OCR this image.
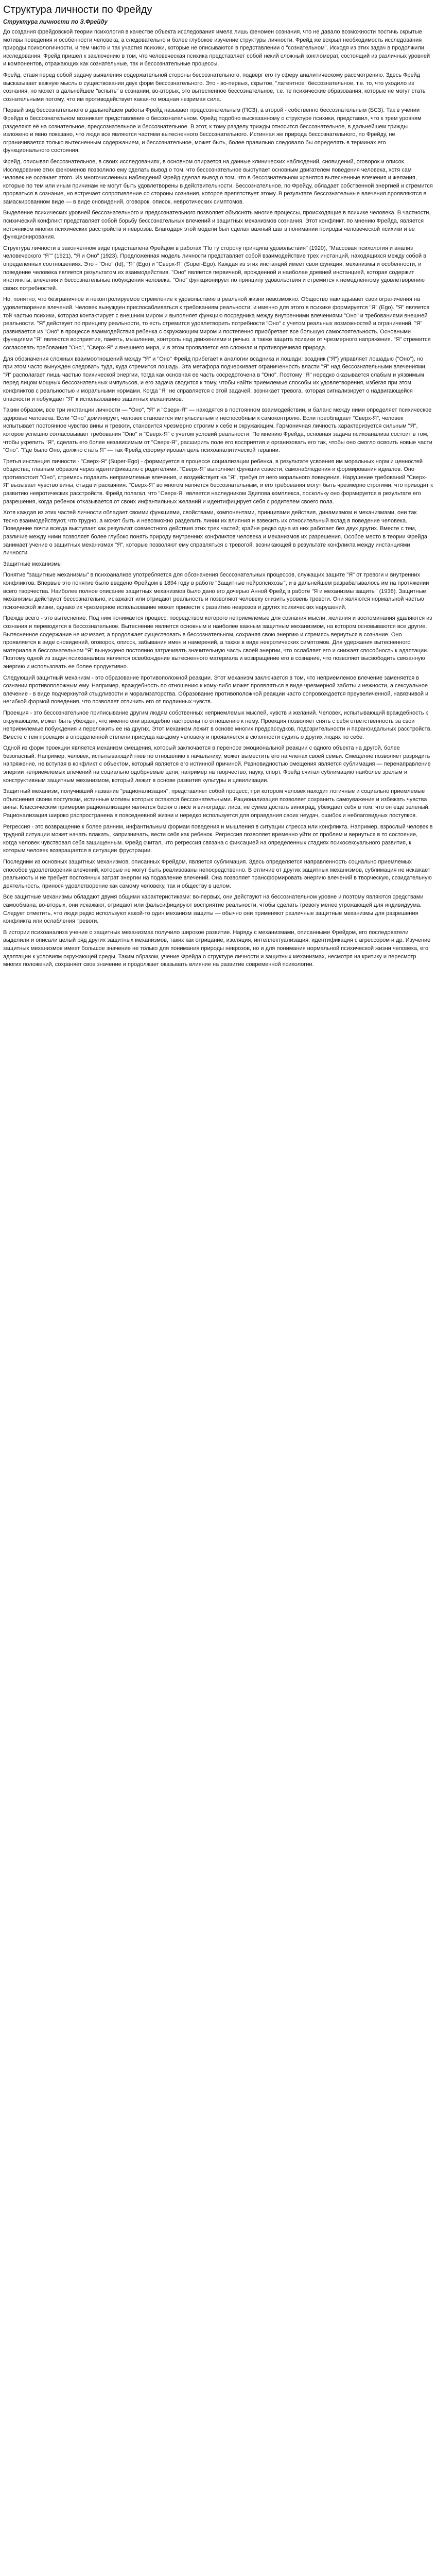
Структура личности по Фрейду
Структура личности по З.Фрейду

До создания фрейдовской теории психология в качестве объекта исследования имела лишь феномен сознания, что не давало возможности постичь скрытые мотивы поведения и особенности человека, а следовательно и более глубокое изучение структуры личности. Фрейд же вскрыл необходимость исследования природы психологичности, и тем чисто и так участия психики, которые не описываются в представлении о "сознательном". Исходя из этих задач в продолжили исследования. Фрейд пришел к заключению в том, что человеческая психика представляет собой некий сложный конгломерат, состоящий из различных уровней и компонентов, отражающих как сознательные, так и бессознательные процессы.

Фрейд, ставя перед собой задачу выявления содержательной стороны бессознательного, подверг его ту сферу аналитическому рассмотрению. Здесь Фрейд высказывает важную мысль о существовании двух форм бессознательного. Это - во-первых, скрытое, "латентное" бессознательное, т.е. то, что уходило из сознания, но может в дальнейшем "вспыть" в сознании, во-вторых, это вытесненное бессознательное, т.е. те психические образования, которые не могут стать сознательными потому, что им противодействует какая-то мощная незримая сила.

Первый вид бессознательного в дальнейшем работы Фрейд называет предсознательным (ПСЗ), а второй - собственно бессознательным (БСЗ). Так в учении Фрейда о бессознательном возникает представление о бессознательном. Фрейд подобно высказанному о структуре психики, представил, что к трем уровням разделяют её на сознательное, предсознательное и бессознательное. В этот, к тому разделу трижды относится бессознательное, в дальнейшем трижды изложено и явно показано, что люди все являются частями вытесненного бессознательного. Истинная же природа бессознательного, по Фрейду, не ограничивается только вытесненным содержанием, и бессознательное, может быть, более правильно следовало бы определять в терминах его функционального состояния.

Фрейд, описывая бессознательное, в своих исследованиях, в основном опирается на данные клинических наблюдений, сновидений, оговорок и описок. Исследование этих феноменов позволило ему сделать вывод о том, что бессознательное выступает основным двигателем поведения человека, хотя сам человек не осознает этого. Из многочисленных наблюдений Фрейд сделал вывод о том, что в бессознательном хранятся вытесненные влечения и желания, которые по тем или иным причинам не могут быть удовлетворены в действительности. Бессознательное, по Фрейду, обладает собственной энергией и стремится прорваться в сознание, но встречает сопротивление со стороны сознания, которое препятствует этому. В результате бессознательные влечения проявляются в замаскированном виде — в виде сновидений, оговорок, описок, невротических симптомов.

Выделение психических уровней бессознательного и предсознательного позволяет объяснять многие процессы, происходящие в психике человека. В частности, психический конфликт представляет собой борьбу бессознательных влечений и защитных механизмов сознания. Этот конфликт, по мнению Фрейда, является источником многих психических расстройств и неврозов. Благодаря этой модели был сделан важный шаг в понимании природы человеческой психики и ее функционирования.

Структура личности в законченном виде представлена Фрейдом в работах "По ту сторону принципа удовольствия" (1920), "Массовая психология и анализ человеческого "Я"" (1921), "Я и Оно" (1923). Предложенная модель личности представляет собой взаимодействие трех инстанций, находящихся между собой в определенных соотношениях. Это - "Оно" (Id), "Я" (Ego) и "Сверх-Я" (Super-Ego). Каждая из этих инстанций имеет свои функции, механизмы и особенности, и поведение человека является результатом их взаимодействия. "Оно" является первичной, врожденной и наиболее древней инстанцией, которая содержит инстинкты, влечения и бессознательные побуждения человека. "Оно" функционирует по принципу удовольствия и стремится к немедленному удовлетворению своих потребностей.

Но, понятно, что безграничное и неконтролируемое стремление к удовольствию в реальной жизни невозможно. Общество накладывает свои ограничения на удовлетворение влечений. Человек вынужден приспосабливаться к требованиям реальности, и именно для этого в психике формируется "Я" (Ego). "Я" является той частью психики, которая контактирует с внешним миром и выполняет функцию посредника между внутренними влечениями "Оно" и требованиями внешней реальности. "Я" действует по принципу реальности, то есть стремится удовлетворить потребности "Оно" с учетом реальных возможностей и ограничений. "Я" развивается из "Оно" в процессе взаимодействия ребенка с окружающим миром и постепенно приобретает все большую самостоятельность. Основными функциями "Я" являются восприятие, память, мышление, контроль над движениями и речью, а также защита психики от чрезмерного напряжения. "Я" стремится согласовать требования "Оно", "Сверх-Я" и внешнего мира, и в этом проявляется его сложная и противоречивая природа.

Для обозначения сложных взаимоотношений между "Я" и "Оно" Фрейд прибегает к аналогии всадника и лошади: всадник ("Я") управляет лошадью ("Оно"), но при этом часто вынужден следовать туда, куда стремится лошадь. Эта метафора подчеркивает ограниченность власти "Я" над бессознательными влечениями. "Я" располагает лишь частью психической энергии, тогда как основная ее часть сосредоточена в "Оно". Поэтому "Я" нередко оказывается слабым и уязвимым перед лицом мощных бессознательных импульсов, и его задача сводится к тому, чтобы найти приемлемые способы их удовлетворения, избегая при этом конфликтов с реальностью и моральными нормами. Когда "Я" не справляется с этой задачей, возникает тревога, которая сигнализирует о надвигающейся опасности и побуждает "Я" к использованию защитных механизмов.

Таким образом, все три инстанции личности — "Оно", "Я" и "Сверх-Я" — находятся в постоянном взаимодействии, и баланс между ними определяет психическое здоровье человека. Если "Оно" доминирует, человек становится импульсивным и неспособным к самоконтролю. Если преобладает "Сверх-Я", человек испытывает постоянное чувство вины и тревоги, становится чрезмерно строгим к себе и окружающим. Гармоничная личность характеризуется сильным "Я", которое успешно согласовывает требования "Оно" и "Сверх-Я" с учетом условий реальности. По мнению Фрейда, основная задача психоанализа состоит в том, чтобы укрепить "Я", сделать его более независимым от "Сверх-Я", расширить поле его восприятия и организовать его так, чтобы оно смогло освоить новые части "Оно". "Где было Оно, должно стать Я" — так Фрейд сформулировал цель психоаналитической терапии.

Третья инстанция личности - "Сверх-Я" (Super-Ego) - формируется в процессе социализации ребенка, в результате усвоения им моральных норм и ценностей общества, главным образом через идентификацию с родителями. "Сверх-Я" выполняет функции совести, самонаблюдения и формирования идеалов. Оно противостоит "Оно", стремясь подавить неприемлемые влечения, и воздействует на "Я", требуя от него морального поведения. Нарушение требований "Сверх-Я" вызывает чувство вины, стыда и раскаяния. "Сверх-Я" во многом является бессознательным, и его требования могут быть чрезмерно строгими, что приводит к развитию невротических расстройств. Фрейд полагал, что "Сверх-Я" является наследником Эдипова комплекса, поскольку оно формируется в результате его разрешения, когда ребенок отказывается от своих инфантильных желаний и идентифицирует себя с родителем своего пола.

Хотя каждая из этих частей личности обладает своими функциями, свойствами, компонентами, принципами действия, динамизмом и механизмами, они так тесно взаимодействуют, что трудно, а может быть и невозможно разделить линии их влияния и взвесить их относительный вклад в поведение человека. Поведение почти всегда выступает как результат совместного действия этих трех частей; крайне редко одна из них работает без двух других. Вместе с тем, различие между ними позволяет более глубоко понять природу внутренних конфликтов человека и механизмов их разрешения. Особое место в теории Фрейда занимает учение о защитных механизмах "Я", которые позволяют ему справляться с тревогой, возникающей в результате конфликта между инстанциями личности.

Защитные механизмы

Понятие "защитные механизмы" в психоанализе употребляется для обозначения бессознательных процессов, служащих защите "Я" от тревоги и внутренних конфликтов. Впервые это понятие было введено Фрейдом в 1894 году в работе "Защитные нейропсихозы", и в дальнейшем разрабатывалось им на протяжении всего творчества. Наиболее полное описание защитных механизмов было дано его дочерью Анной Фрейд в работе "Я и механизмы защиты" (1936). Защитные механизмы действуют бессознательно, искажают или отрицают реальность и позволяют человеку снизить уровень тревоги. Они являются нормальной частью психической жизни, однако их чрезмерное использование может привести к развитию неврозов и других психических нарушений.

Прежде всего - это вытеснение. Под ним понимается процесс, посредством которого неприемлемые для сознания мысли, желания и воспоминания удаляются из сознания и переводятся в бессознательное. Вытеснение является основным и наиболее важным защитным механизмом, на котором основываются все другие. Вытесненное содержание не исчезает, а продолжает существовать в бессознательном, сохраняя свою энергию и стремясь вернуться в сознание. Оно проявляется в виде сновидений, оговорок, описок, забывания имен и намерений, а также в виде невротических симптомов. Для удержания вытесненного материала в бессознательном "Я" вынуждено постоянно затрачивать значительную часть своей энергии, что ослабляет его и снижает способность к адаптации. Поэтому одной из задач психоанализа является освобождение вытесненного материала и возвращение его в сознание, что позволяет высвободить связанную энергию и использовать ее более продуктивно.

Следующий защитный механизм - это образование противоположной реакции. Этот механизм заключается в том, что неприемлемое влечение заменяется в сознании противоположным ему. Например, враждебность по отношению к кому-либо может проявляться в виде чрезмерной заботы и нежности, а сексуальное влечение - в виде подчеркнутой стыдливости и морализаторства. Образование противоположной реакции часто сопровождается преувеличенной, навязчивой и негибкой формой поведения, что позволяет отличить его от подлинных чувств.

Проекция - это бессознательное приписывание другим людям собственных неприемлемых мыслей, чувств и желаний. Человек, испытывающий враждебность к окружающим, может быть убежден, что именно они враждебно настроены по отношению к нему. Проекция позволяет снять с себя ответственность за свои неприемлемые побуждения и переложить ее на других. Этот механизм лежит в основе многих предрассудков, подозрительности и параноидальных расстройств. Вместе с тем проекция в определенной степени присуща каждому человеку и проявляется в склонности судить о других людях по себе.

Одной из форм проекции является механизм смещения, который заключается в переносе эмоциональной реакции с одного объекта на другой, более безопасный. Например, человек, испытывающий гнев по отношению к начальнику, может выместить его на членах своей семьи. Смещение позволяет разрядить напряжение, не вступая в конфликт с объектом, который является его истинной причиной. Разновидностью смещения является сублимация — перенаправление энергии неприемлемых влечений на социально одобряемые цели, например на творчество, науку, спорт. Фрейд считал сублимацию наиболее зрелым и конструктивным защитным механизмом, который лежит в основе развития культуры и цивилизации.

Защитный механизм, получивший название "рационализация", представляет собой процесс, при котором человек находит логичные и социально приемлемые объяснения своим поступкам, истинные мотивы которых остаются бессознательными. Рационализация позволяет сохранить самоуважение и избежать чувства вины. Классическим примером рационализации является басня о лисе и винограде: лиса, не сумев достать виноград, убеждает себя в том, что он еще зеленый. Рационализация широко распространена в повседневной жизни и нередко используется для оправдания своих неудач, ошибок и неблаговидных поступков.

Регрессия - это возвращение к более ранним, инфантильным формам поведения и мышления в ситуации стресса или конфликта. Например, взрослый человек в трудной ситуации может начать плакать, капризничать, вести себя как ребенок. Регрессия позволяет временно уйти от проблем и вернуться в то состояние, когда человек чувствовал себя защищенным. Фрейд считал, что регрессия связана с фиксацией на определенных стадиях психосексуального развития, к которым человек возвращается в ситуации фрустрации.

Последним из основных защитных механизмов, описанных Фрейдом, является сублимация. Здесь определяется направленность социально приемлемых способов удовлетворения влечений, которые не могут быть реализованы непосредственно. В отличие от других защитных механизмов, сублимация не искажает реальность и не требует постоянных затрат энергии на подавление влечений. Она позволяет трансформировать энергию влечений в творческую, созидательную деятельность, принося удовлетворение как самому человеку, так и обществу в целом.

Все защитные механизмы обладают двумя общими характеристиками: во-первых, они действуют на бессознательном уровне и поэтому являются средствами самообмана; во-вторых, они искажают, отрицают или фальсифицируют восприятие реальности, чтобы сделать тревогу менее угрожающей для индивидуума. Следует отметить, что люди редко используют какой-то один механизм защиты — обычно они применяют различные защитные механизмы для разрешения конфликта или ослабления тревоги.

В истории психоанализа учение о защитных механизмах получило широкое развитие. Наряду с механизмами, описанными Фрейдом, его последователи выделили и описали целый ряд других защитных механизмов, таких как отрицание, изоляция, интеллектуализация, идентификация с агрессором и др. Изучение защитных механизмов имеет большое значение не только для понимания природы неврозов, но и для понимания нормальной психической жизни человека, его адаптации к условиям окружающей среды. Таким образом, учение Фрейда о структуре личности и защитных механизмах, несмотря на критику и пересмотр многих положений, сохраняет свое значение и продолжает оказывать влияние на развитие современной психологии.
